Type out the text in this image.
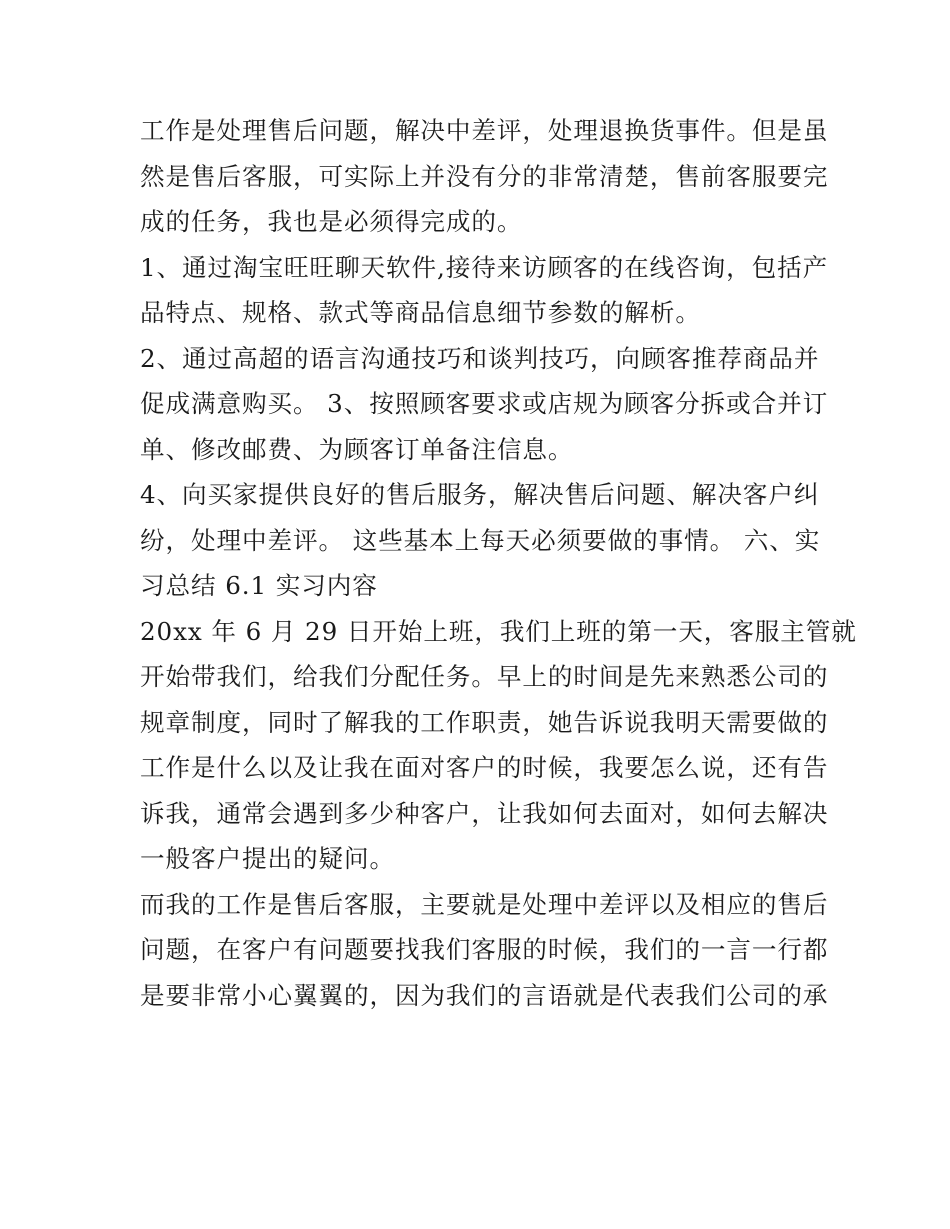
工作是处理售后问题，解决中差评，处理退换货事件。但是虽
然是售后客服，可实际上并没有分的非常清楚，售前客服要完
成的任务，我也是必须得完成的。
1、通过淘宝旺旺聊天软件,接待来访顾客的在线咨询，包括产
品特点、规格、款式等商品信息细节参数的解析。
2、通过高超的语言沟通技巧和谈判技巧，向顾客推荐商品并
促成满意购买。 3、按照顾客要求或店规为顾客分拆或合并订
单、修改邮费、为顾客订单备注信息。
4、向买家提供良好的售后服务，解决售后问题、解决客户纠
纷，处理中差评。 这些基本上每天必须要做的事情。 六、实
习总结 6.1 实习内容
20xx 年 6 月 29 日开始上班，我们上班的第一天，客服主管就
开始带我们，给我们分配任务。早上的时间是先来熟悉公司的
规章制度，同时了解我的工作职责，她告诉说我明天需要做的
工作是什么以及让我在面对客户的时候，我要怎么说，还有告
诉我，通常会遇到多少种客户，让我如何去面对，如何去解决
一般客户提出的疑问。
而我的工作是售后客服，主要就是处理中差评以及相应的售后
问题，在客户有问题要找我们客服的时候，我们的一言一行都
是要非常小心翼翼的，因为我们的言语就是代表我们公司的承
